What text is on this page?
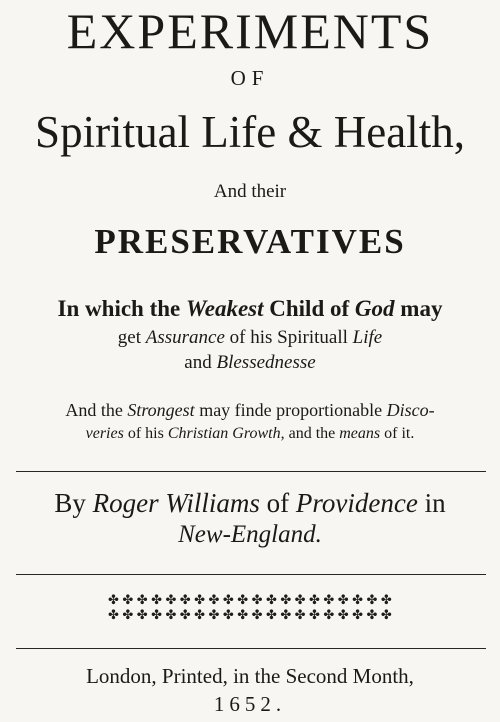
EXPERIMENTS
OF
Spiritual Life & Health,
And their
PRESERVATIVES
In which the Weakest Child of God may
get Assurance of his Spirituall Life
and Blessednesse
And the Strongest may finde proportionable Disco-
veries of his Christian Growth, and the means of it.
By Roger Williams of Providence in
New-England.
✤ ✤ ✤ ✤ ✤ ✤ ✤ ✤ ✤ ✤ ✤ ✤ ✤ ✤ ✤ ✤ ✤ ✤ ✤ ✤
✤ ✤ ✤ ✤ ✤ ✤ ✤ ✤ ✤ ✤ ✤ ✤ ✤ ✤ ✤ ✤ ✤ ✤ ✤ ✤
London, Printed, in the Second Month,
1652.
